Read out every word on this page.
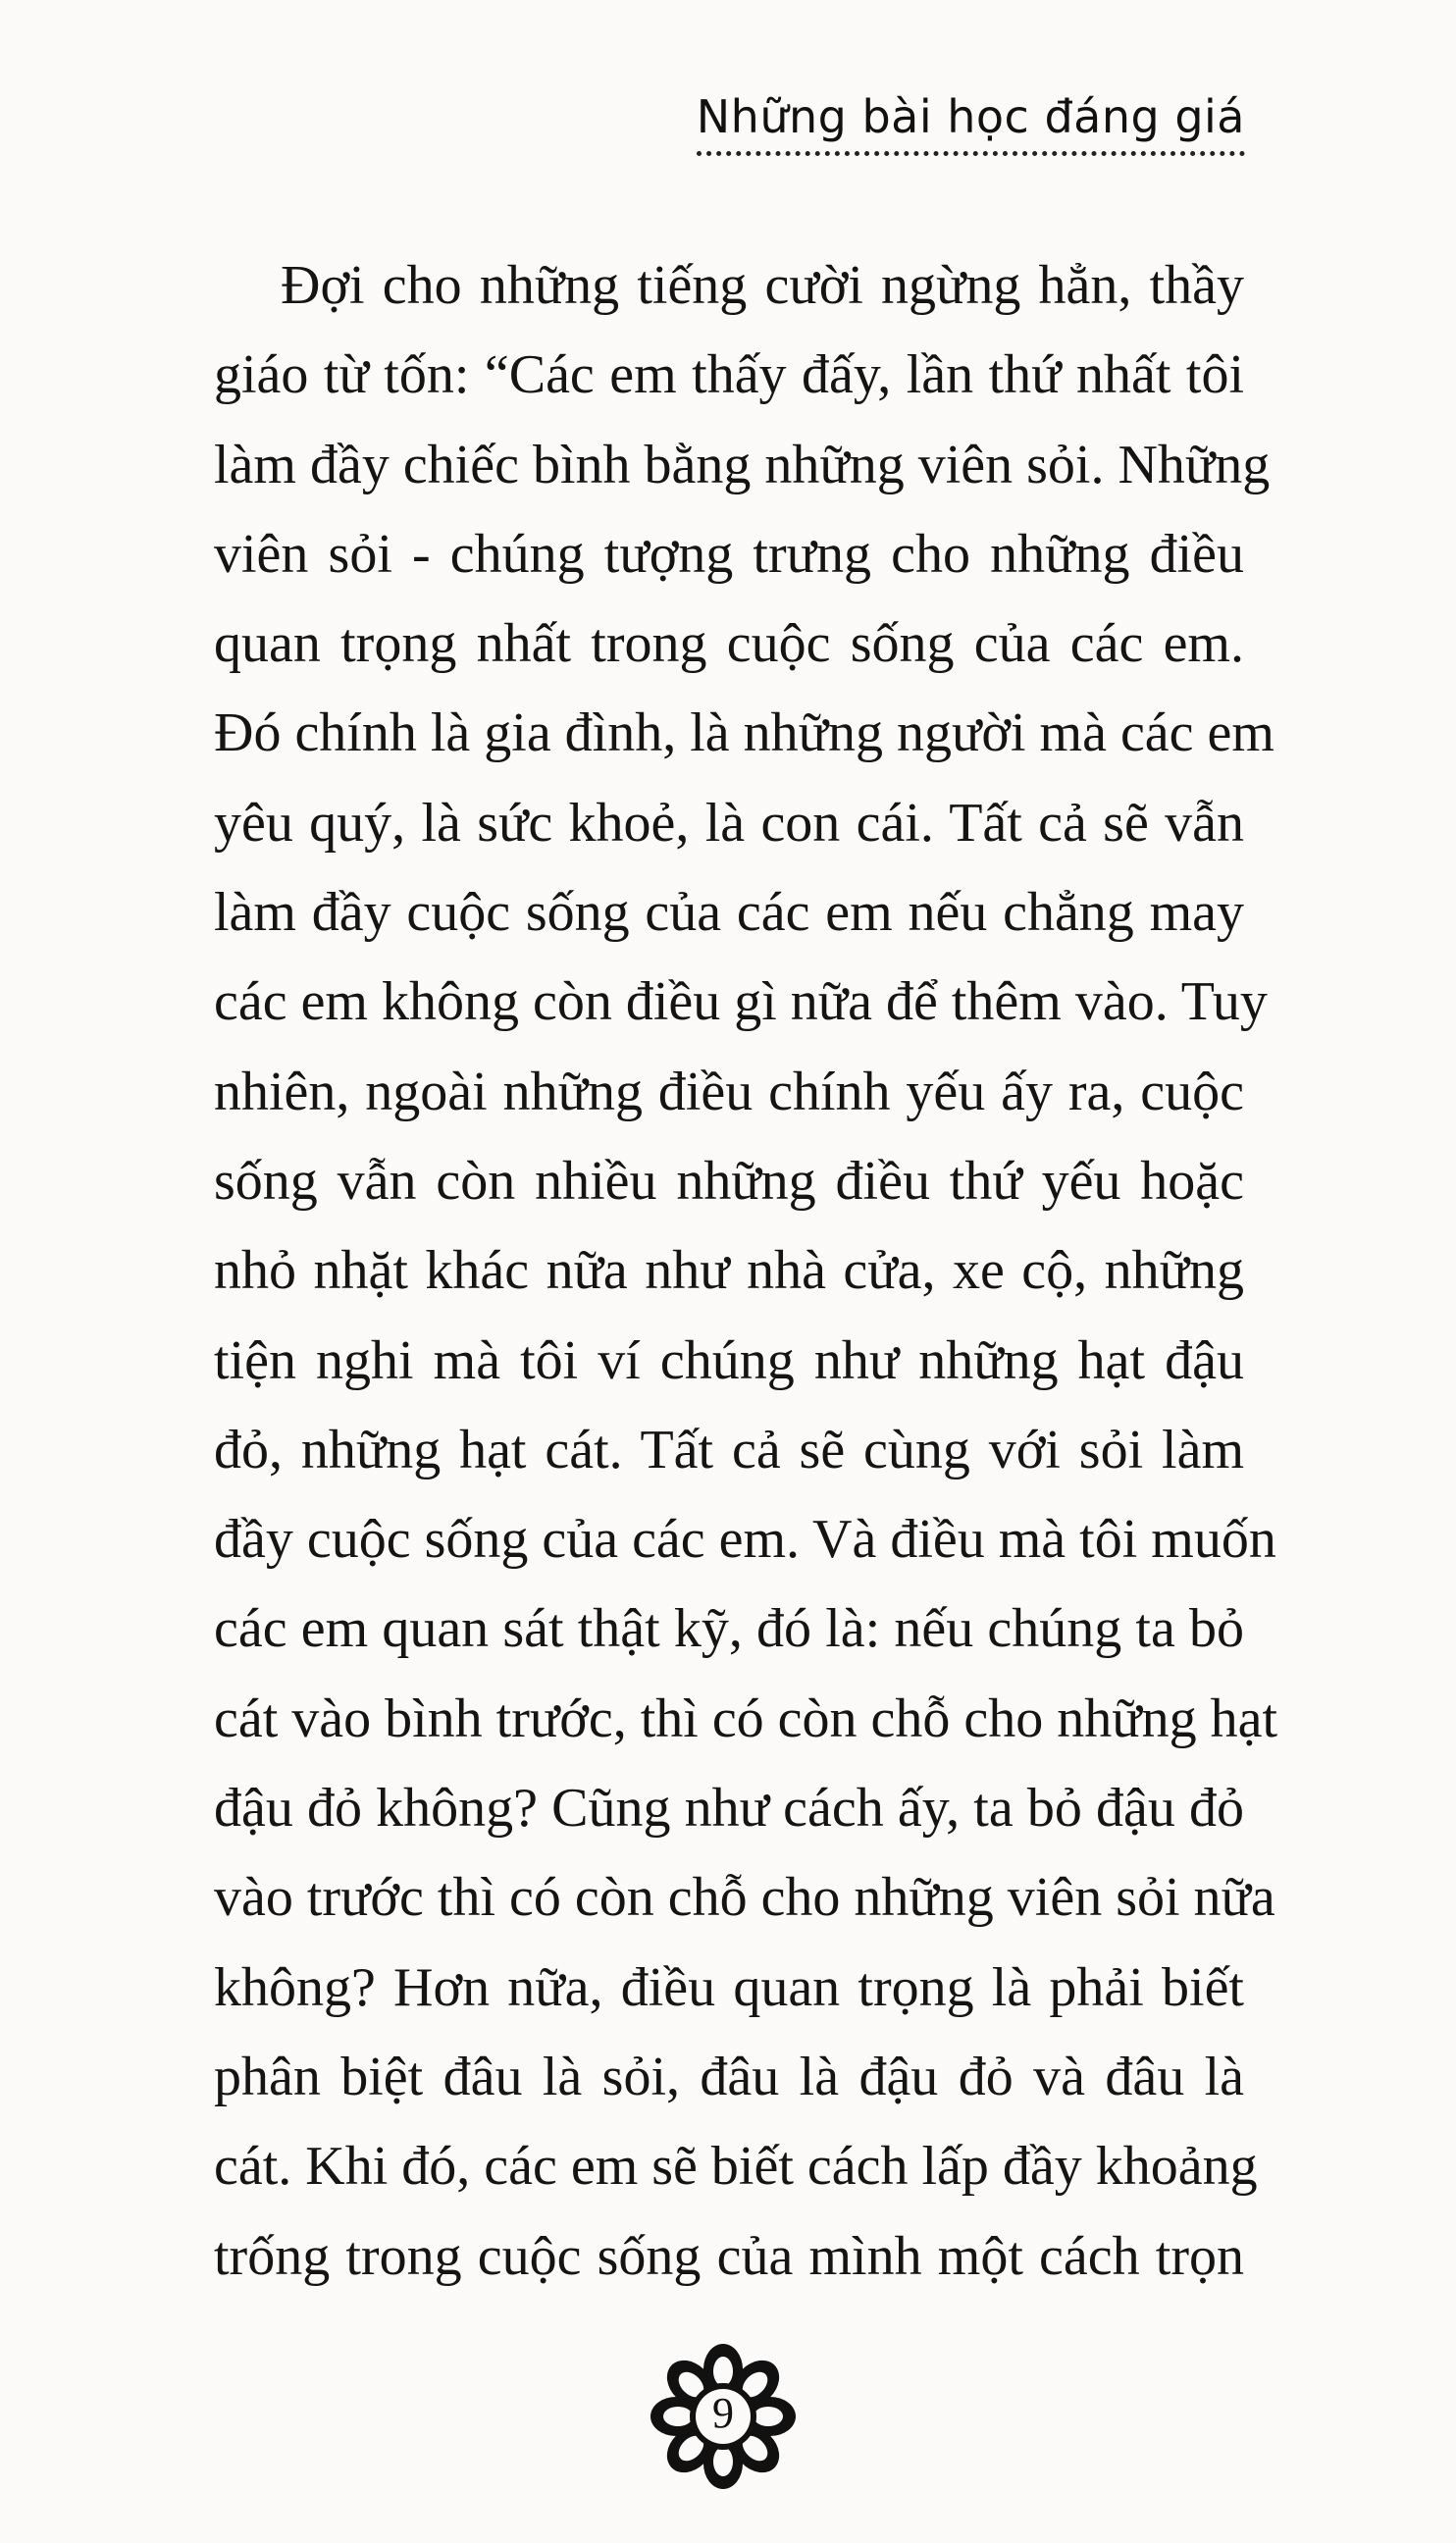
Những bài học đáng giá
Đợi cho những tiếng cười ngừng hẳn, thầy
giáo từ tốn: “Các em thấy đấy, lần thứ nhất tôi
làm đầy chiếc bình bằng những viên sỏi. Những
viên sỏi - chúng tượng trưng cho những điều
quan trọng nhất trong cuộc sống của các em.
Đó chính là gia đình, là những người mà các em
yêu quý, là sức khoẻ, là con cái. Tất cả sẽ vẫn
làm đầy cuộc sống của các em nếu chẳng may
các em không còn điều gì nữa để thêm vào. Tuy
nhiên, ngoài những điều chính yếu ấy ra, cuộc
sống vẫn còn nhiều những điều thứ yếu hoặc
nhỏ nhặt khác nữa như nhà cửa, xe cộ, những
tiện nghi mà tôi ví chúng như những hạt đậu
đỏ, những hạt cát. Tất cả sẽ cùng với sỏi làm
đầy cuộc sống của các em. Và điều mà tôi muốn
các em quan sát thật kỹ, đó là: nếu chúng ta bỏ
cát vào bình trước, thì có còn chỗ cho những hạt
đậu đỏ không? Cũng như cách ấy, ta bỏ đậu đỏ
vào trước thì có còn chỗ cho những viên sỏi nữa
không? Hơn nữa, điều quan trọng là phải biết
phân biệt đâu là sỏi, đâu là đậu đỏ và đâu là
cát. Khi đó, các em sẽ biết cách lấp đầy khoảng
trống trong cuộc sống của mình một cách trọn
9
